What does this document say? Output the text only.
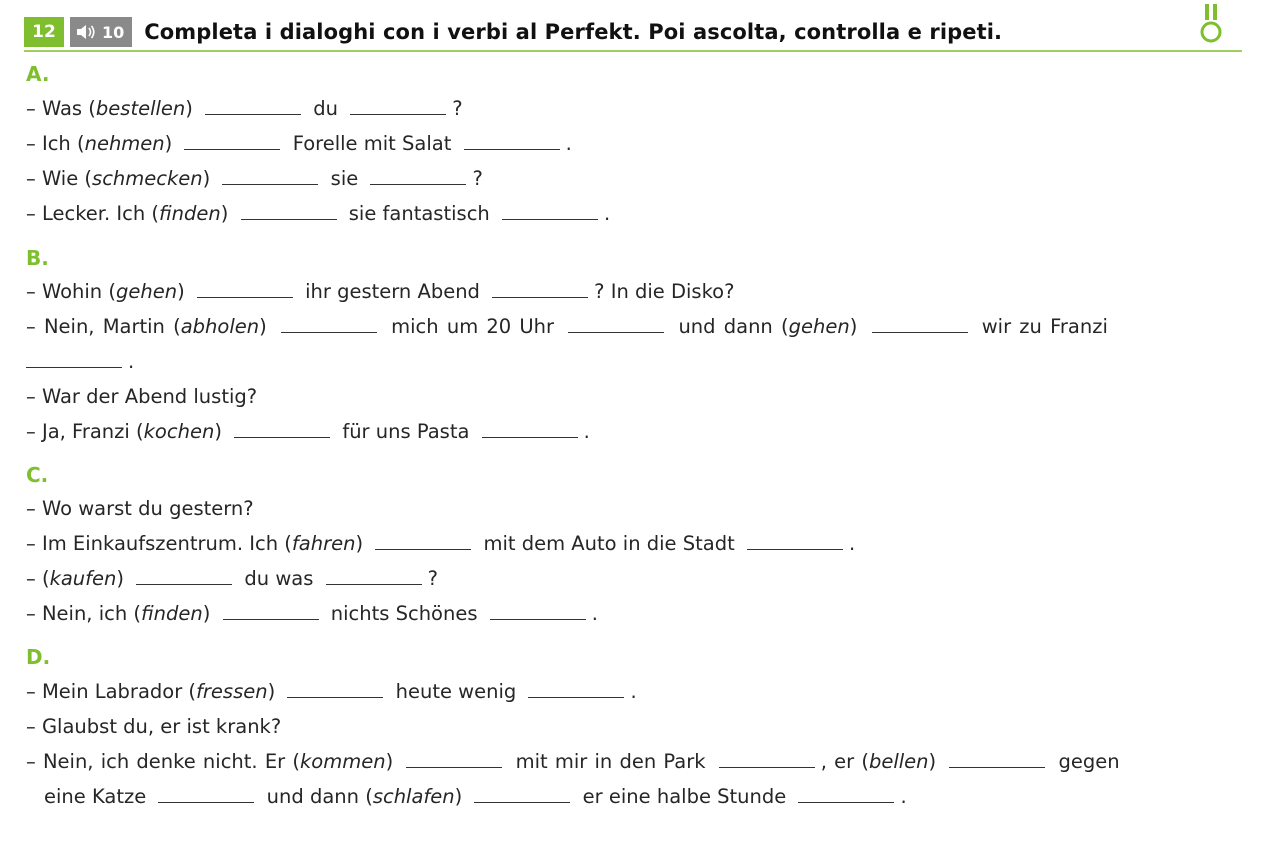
12	10 Completa i dialoghi con i verbi al Perfekt. Poi ascolta, controlla e ripeti.
A.
– Was (bestellen)	du	?
– Ich (nehmen)	Forelle mit Salat	.
– Wie (schmecken)	sie	?
– Lecker. Ich (finden)	sie fantastisch	.
B.
– Wohin (gehen)	ihr gestern Abend	? In die Disko?
– Nein, Martin (abholen)	mich um 20 Uhr	und dann (gehen)	wir zu Franzi
.
– War der Abend lustig?
– Ja, Franzi (kochen)	für uns Pasta	.
C.
– Wo warst du gestern?
– Im Einkaufszentrum. Ich (fahren)	mit dem Auto in die Stadt	.
– (kaufen)	du was	?
– Nein, ich (finden)	nichts Schönes	.
D.
– Mein Labrador (fressen)	heute wenig	.
– Glaubst du, er ist krank?
– Nein, ich denke nicht. Er (kommen)	mit mir in den Park	, er (bellen)	gegen
eine Katze	und dann (schlafen)	er eine halbe Stunde	.
